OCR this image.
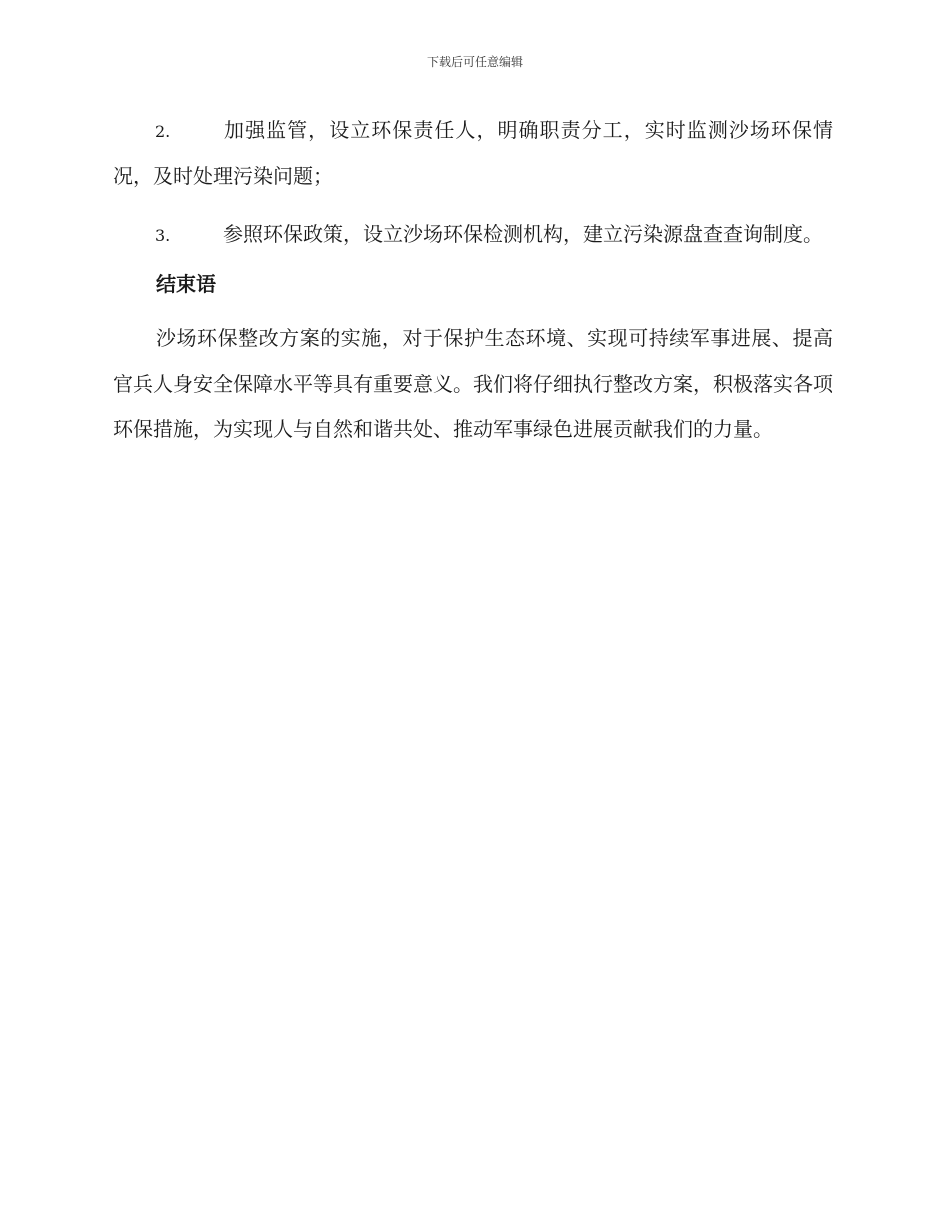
下载后可任意编辑

2.	加强监管，设立环保责任人，明确职责分工，实时监测沙场环保情况，及时处理污染问题；

3.	参照环保政策，设立沙场环保检测机构，建立污染源盘查查询制度。

结束语

沙场环保整改方案的实施，对于保护生态环境、实现可持续军事进展、提高官兵人身安全保障水平等具有重要意义。我们将仔细执行整改方案，积极落实各项环保措施，为实现人与自然和谐共处、推动军事绿色进展贡献我们的力量。
